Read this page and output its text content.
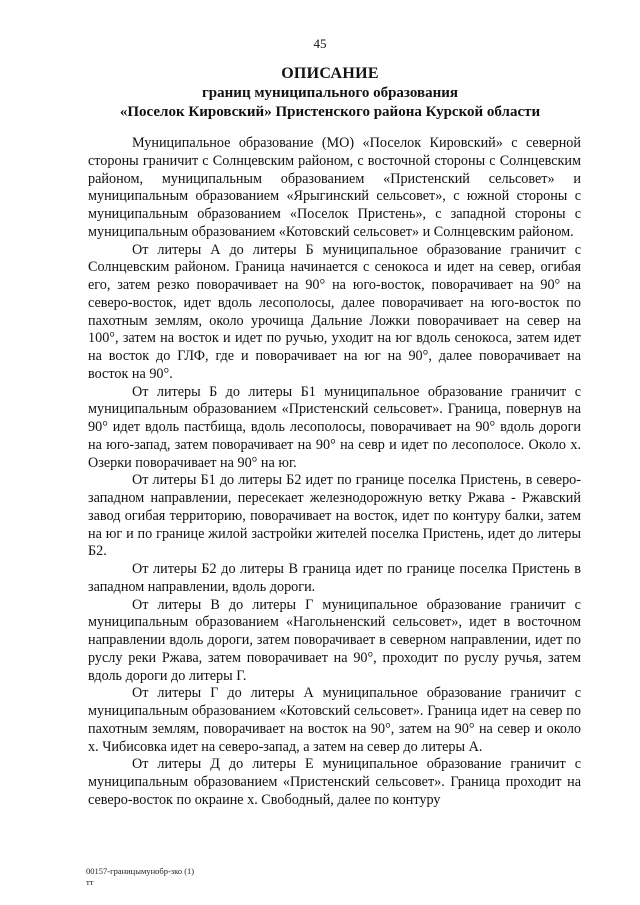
45
ОПИСАНИЕ
границ муниципального образования
«Поселок Кировский» Пристенского района Курской области

Муниципальное образование (МО) «Поселок Кировский» с северной стороны граничит с Солнцевским районом, с восточной стороны с Солнцевским районом, муниципальным образованием «Пристенский сельсовет» и муниципальным образованием «Ярыгинский сельсовет», с южной стороны с муниципальным образованием «Поселок Пристень», с западной стороны с муниципальным образованием «Котовский сельсовет» и Солнцевским районом.

От литеры А до литеры Б муниципальное образование граничит с Солнцевским районом. Граница начинается с сенокоса и идет на север, огибая его, затем резко поворачивает на 90° на юго-восток, поворачивает на 90° на северо-восток, идет вдоль лесополосы, далее поворачивает на юго-восток по пахотным землям, около урочища Дальние Ложки поворачивает на север на 100°, затем на восток и идет по ручью, уходит на юг вдоль сенокоса, затем идет на восток до ГЛФ, где и поворачивает на юг на 90°, далее поворачивает на восток на 90°.

От литеры Б до литеры Б1 муниципальное образование граничит с муниципальным образованием «Пристенский сельсовет». Граница, повернув на 90° идет вдоль пастбища, вдоль лесополосы, поворачивает на 90° вдоль дороги на юго-запад, затем поворачивает на 90° на севр и идет по лесополосе. Около х. Озерки поворачивает на 90° на юг.

От литеры Б1 до литеры Б2 идет по границе поселка Пристень, в северо-западном направлении, пересекает железнодорожную ветку Ржава - Ржавский завод огибая территорию, поворачивает на восток, идет по контуру балки, затем на юг и по границе жилой застройки жителей поселка Пристень, идет до литеры Б2.

От литеры Б2 до литеры В граница идет по границе поселка Пристень в западном направлении, вдоль дороги.

От литеры В до литеры Г муниципальное образование граничит с муниципальным образованием «Нагольненский сельсовет», идет в восточном направлении вдоль дороги, затем поворачивает в северном направлении, идет по руслу реки Ржава, затем поворачивает на 90°, проходит по руслу ручья, затем вдоль дороги до литеры Г.

От литеры Г до литеры А муниципальное образование граничит с муниципальным образованием «Котовский сельсовет». Граница идет на север по пахотным землям, поворачивает на восток на 90°, затем на 90° на север и около х. Чибисовка идет на северо-запад, а затем на север до литеры А.

От литеры Д до литеры Е муниципальное образование граничит с муниципальным образованием «Пристенский сельсовет». Граница проходит на северо-восток по окраине х. Свободный, далее по контуру

00157-границымунобр-зко (1)
тт
